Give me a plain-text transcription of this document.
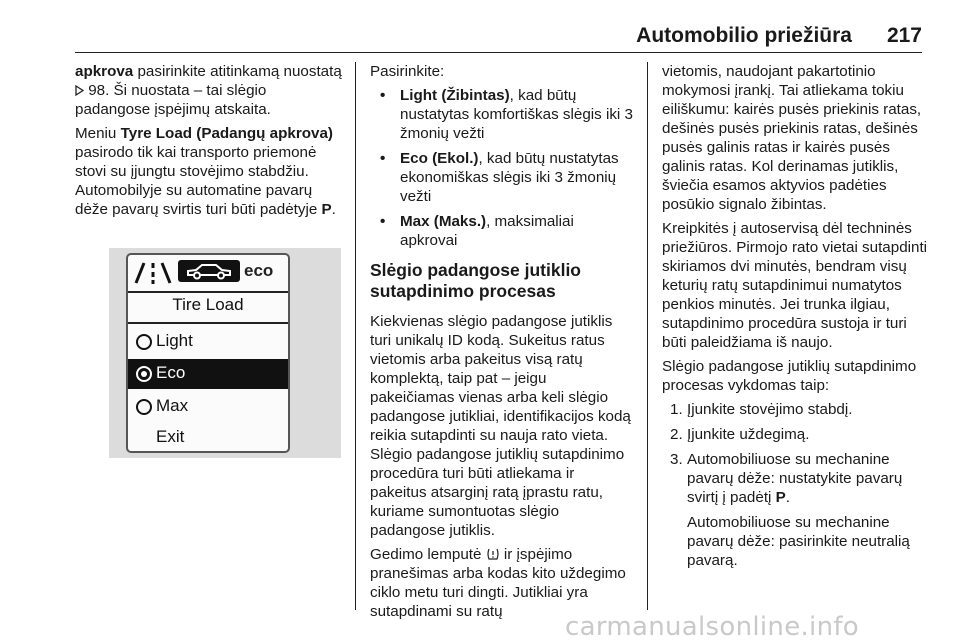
Automobilio priežiūra 217

apkrova pasirinkite atitinkamą nuostatą  98. Ši nuostata – tai slėgio padangose įspėjimų atskaita.

Meniu Tyre Load (Padangų apkrova) pasirodo tik kai transporto priemonė stovi su įjungtu stovėjimo stabdžiu. Automobilyje su automatine pavarų dėže pavarų svirtis turi būti padėtyje P.

eco
Tire Load
Light
Eco
Max
Exit

Pasirinkite:

• Light (Žibintas), kad būtų nustatytas komfortiškas slėgis iki 3 žmonių vežti
• Eco (Ekol.), kad būtų nustatytas ekonomiškas slėgis iki 3 žmonių vežti
• Max (Maks.), maksimaliai apkrovai
Slėgio padangose jutiklio sutapdinimo procesas

Kiekvienas slėgio padangose jutiklis turi unikalų ID kodą. Sukeitus ratus vietomis arba pakeitus visą ratų komplektą, taip pat – jeigu pakeičiamas vienas arba keli slėgio padangose jutikliai, identifikacijos kodą reikia sutapdinti su nauja rato vieta. Slėgio padangose jutiklių sutapdinimo procedūra turi būti atliekama ir pakeitus atsarginį ratą įprastu ratu, kuriame sumontuotas slėgio padangose jutiklis.

Gedimo lemputė  ir įspėjimo pranešimas arba kodas kito uždegimo ciklo metu turi dingti. Jutikliai yra sutapdinami su ratų

vietomis, naudojant pakartotinio mokymosi įrankį. Tai atliekama tokiu eiliškumu: kairės pusės priekinis ratas, dešinės pusės priekinis ratas, dešinės pusės galinis ratas ir kairės pusės galinis ratas. Kol derinamas jutiklis, šviečia esamos aktyvios padėties posūkio signalo žibintas.

Kreipkitės į autoservisą dėl techninės priežiūros. Pirmojo rato vietai sutapdinti skiriamos dvi minutės, bendram visų keturių ratų sutapdinimui numatytos penkios minutės. Jei trunka ilgiau, sutapdinimo procedūra sustoja ir turi būti paleidžiama iš naujo.

Slėgio padangose jutiklių sutapdinimo procesas vykdomas taip:

1. Įjunkite stovėjimo stabdį.
2. Įjunkite uždegimą.
3. Automobiliuose su mechanine pavarų dėže: nustatykite pavarų svirtį į padėtį P.

Automobiliuose su mechanine pavarų dėže: pasirinkite neutralią pavarą.

carmanualsonline.info
